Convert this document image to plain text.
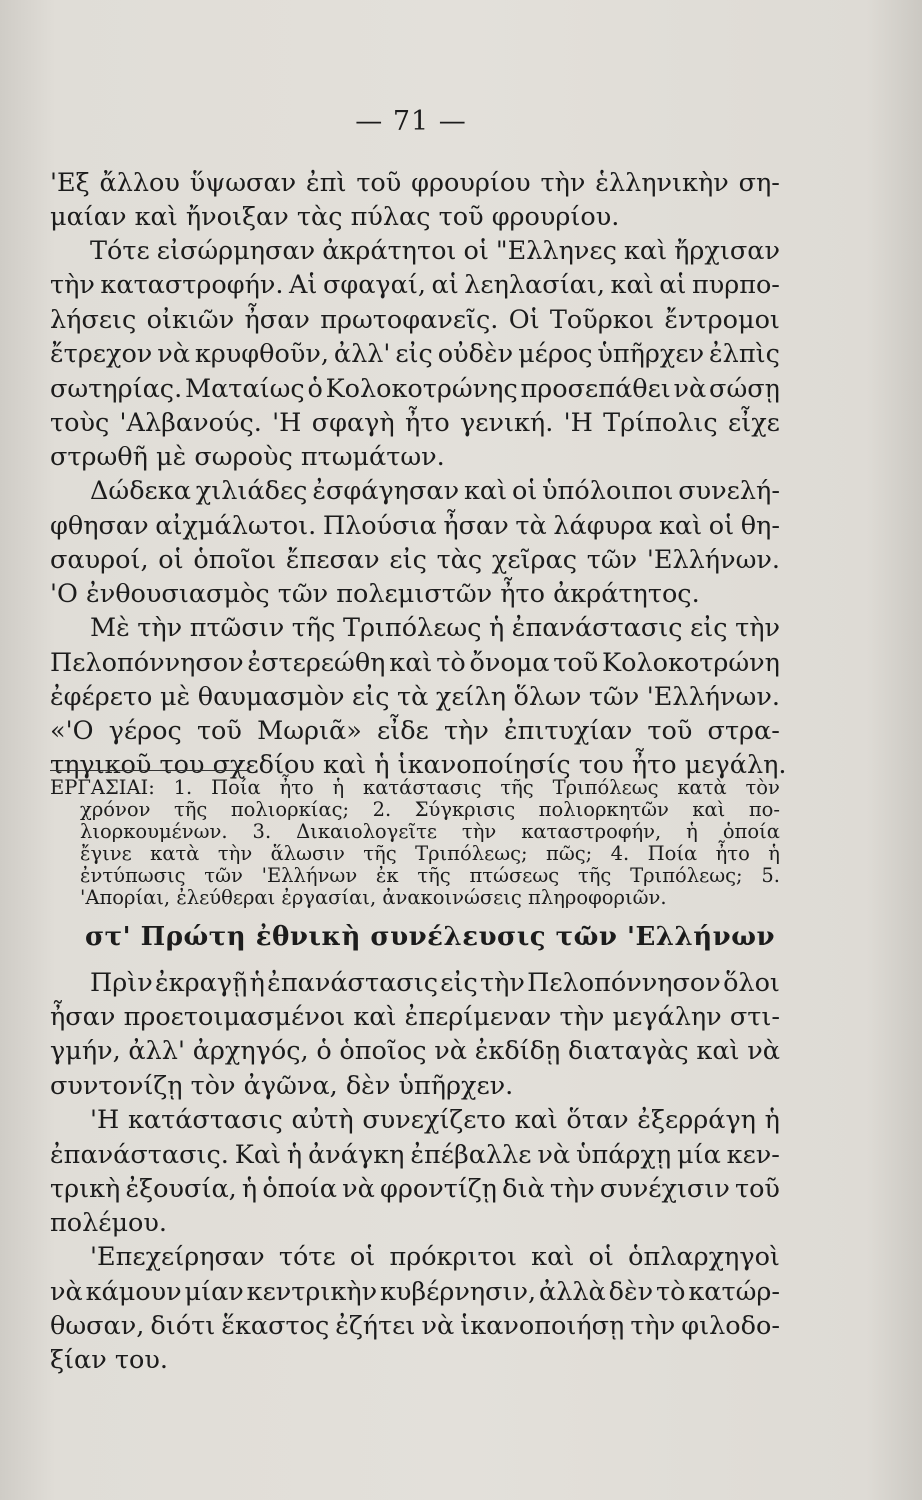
— 71 —
'Εξ ἄλλου ὕψωσαν ἐπὶ τοῦ φρουρίου τὴν ἑλληνικὴν ση-
μαίαν καὶ ἤνοιξαν τὰς πύλας τοῦ φρουρίου.
Τότε εἰσώρμησαν ἀκράτητοι οἱ "Ελληνες καὶ ἤρχισαν
τὴν καταστροφήν. Αἱ σφαγαί, αἱ λεηλασίαι, καὶ αἱ πυρπο-
λήσεις οἰκιῶν ἦσαν πρωτοφανεῖς. Οἱ Τοῦρκοι ἔντρομοι
ἔτρεχον νὰ κρυφθοῦν, ἀλλ' εἰς οὐδὲν μέρος ὑπῆρχεν ἐλπὶς
σωτηρίας. Ματαίως ὁ Κολοκοτρώνης προσεπάθει νὰ σώσῃ
τοὺς 'Αλβανούς. 'Η σφαγὴ ἦτο γενική. 'Η Τρίπολις εἶχε
στρωθῆ μὲ σωροὺς πτωμάτων.
Δώδεκα χιλιάδες ἐσφάγησαν καὶ οἱ ὑπόλοιποι συνελή-
φθησαν αἰχμάλωτοι. Πλούσια ἦσαν τὰ λάφυρα καὶ οἱ θη-
σαυροί, οἱ ὁποῖοι ἔπεσαν εἰς τὰς χεῖρας τῶν 'Ελλήνων.
'Ο ἐνθουσιασμὸς τῶν πολεμιστῶν ἦτο ἀκράτητος.
Μὲ τὴν πτῶσιν τῆς Τριπόλεως ἡ ἐπανάστασις εἰς τὴν
Πελοπόννησον ἐστερεώθη καὶ τὸ ὄνομα τοῦ Κολοκοτρώνη
ἐφέρετο μὲ θαυμασμὸν εἰς τὰ χείλη ὅλων τῶν 'Ελλήνων.
«'Ο γέρος τοῦ Μωριᾶ» εἶδε τὴν ἐπιτυχίαν τοῦ στρα-
τηγικοῦ του σχεδίου καὶ ἡ ἱκανοποίησίς του ἦτο μεγάλη.
ΕΡΓΑΣΙΑΙ: 1. Ποία ἦτο ἡ κατάστασις τῆς Τριπόλεως κατὰ τὸν
χρόνον τῆς πολιορκίας; 2. Σύγκρισις πολιορκητῶν καὶ πο-
λιορκουμένων. 3. Δικαιολογεῖτε τὴν καταστροφήν, ἡ ὁποία
ἔγινε κατὰ τὴν ἅλωσιν τῆς Τριπόλεως; πῶς; 4. Ποία ἦτο ἡ
ἐντύπωσις τῶν 'Ελλήνων ἐκ τῆς πτώσεως τῆς Τριπόλεως; 5.
'Απορίαι, ἐλεύθεραι ἐργασίαι, ἀνακοινώσεις πληροφοριῶν.
στ' Πρώτη ἐθνικὴ συνέλευσις τῶν 'Ελλήνων
Πρὶν ἐκραγῇ ἡ ἐπανάστασις εἰς τὴν Πελοπόννησον ὅλοι
ἦσαν προετοιμασμένοι καὶ ἐπερίμεναν τὴν μεγάλην στι-
γμήν, ἀλλ' ἀρχηγός, ὁ ὁποῖος νὰ ἐκδίδῃ διαταγὰς καὶ νὰ
συντονίζῃ τὸν ἀγῶνα, δὲν ὑπῆρχεν.
'Η κατάστασις αὐτὴ συνεχίζετο καὶ ὅταν ἐξερράγη ἡ
ἐπανάστασις. Καὶ ἡ ἀνάγκη ἐπέβαλλε νὰ ὑπάρχῃ μία κεν-
τρικὴ ἐξουσία, ἡ ὁποία νὰ φροντίζῃ διὰ τὴν συνέχισιν τοῦ
πολέμου.
'Επεχείρησαν τότε οἱ πρόκριτοι καὶ οἱ ὁπλαρχηγοὶ
νὰ κάμουν μίαν κεντρικὴν κυβέρνησιν, ἀλλὰ δὲν τὸ κατώρ-
θωσαν, διότι ἕκαστος ἐζήτει νὰ ἱκανοποιήσῃ τὴν φιλοδο-
ξίαν του.
